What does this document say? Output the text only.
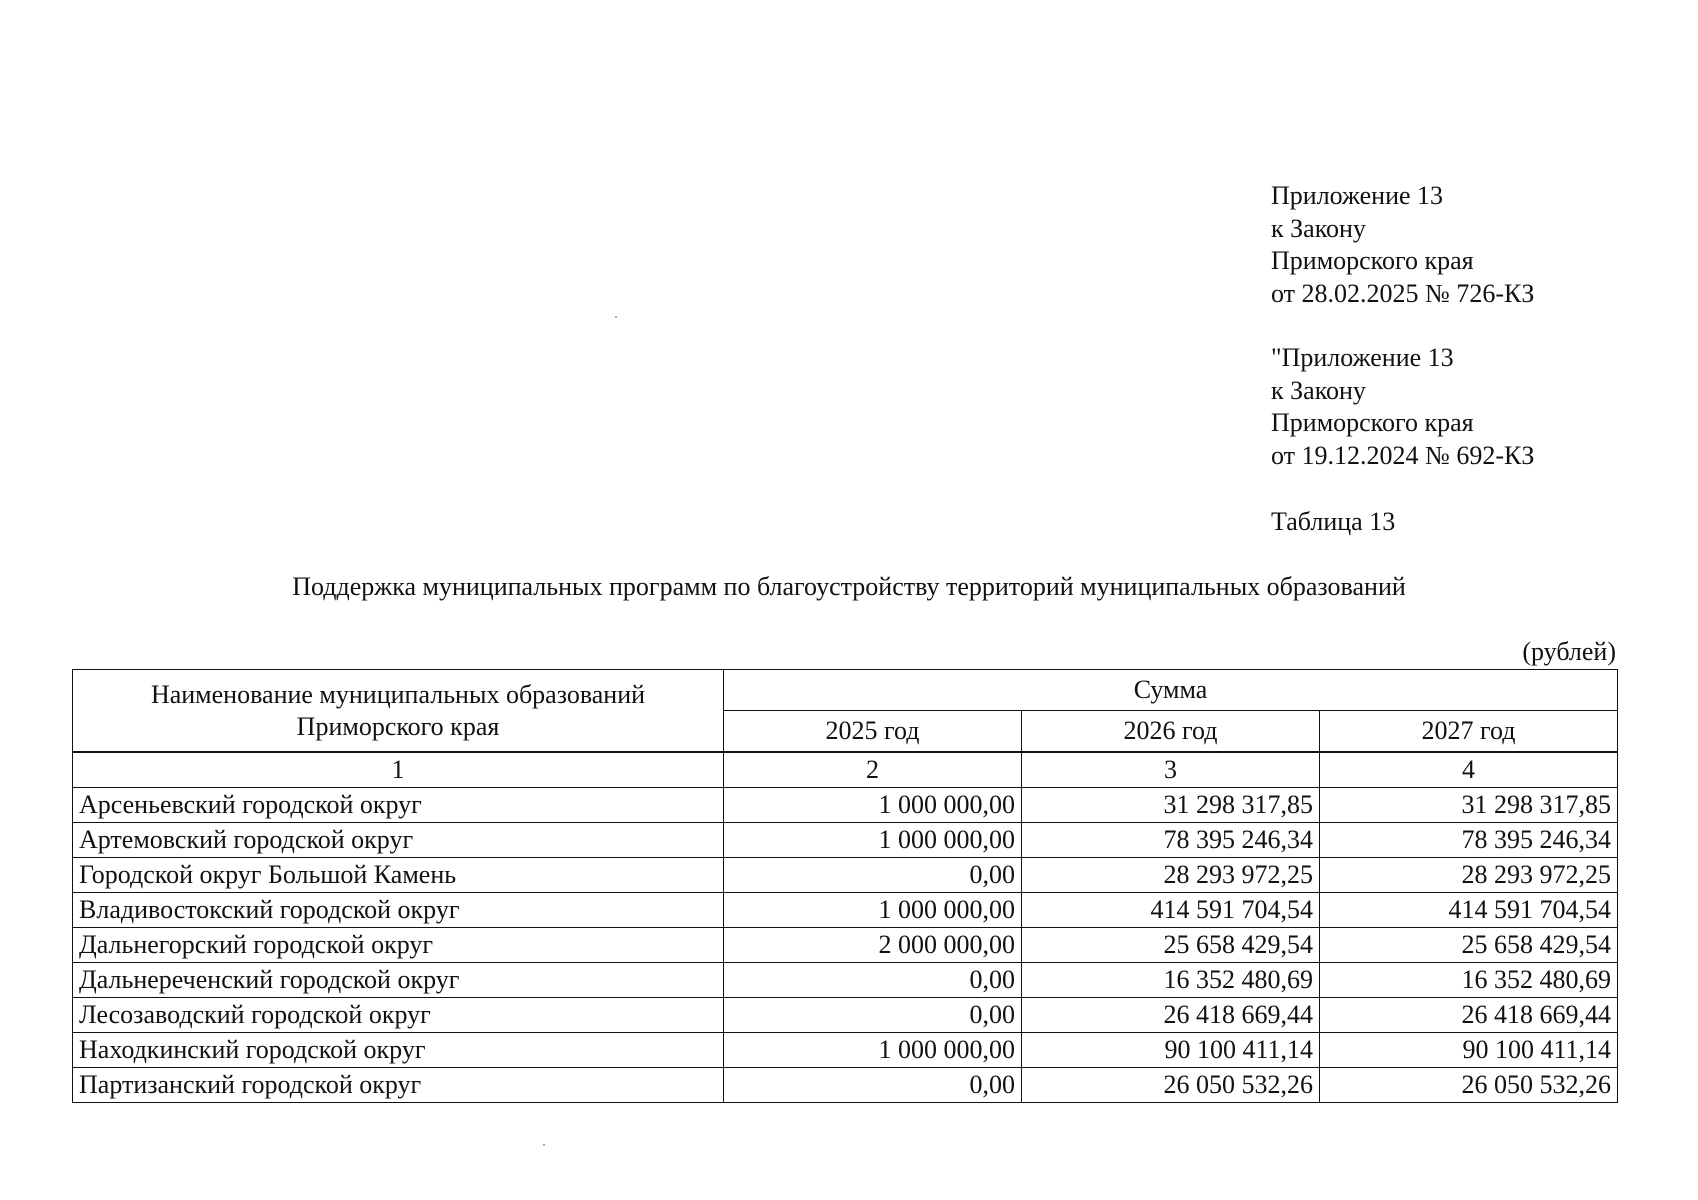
Приложение 13
к Закону
Приморского края
от 28.02.2025 № 726-КЗ
"Приложение 13
к Закону
Приморского края
от 19.12.2024 № 692-КЗ
Таблица 13
Поддержка муниципальных программ по благоустройству территорий муниципальных образований
(рублей)
Наименование муниципальных образований Приморского края	Сумма		
	2025 год	2026 год	2027 год

1	2	3	4
Арсеньевский городской округ	1 000 000,00	31 298 317,85	31 298 317,85
Артемовский городской округ	1 000 000,00	78 395 246,34	78 395 246,34
Городской округ Большой Камень	0,00	28 293 972,25	28 293 972,25
Владивостокский городской округ	1 000 000,00	414 591 704,54	414 591 704,54
Дальнегорский городской округ	2 000 000,00	25 658 429,54	25 658 429,54
Дальнереченский городской округ	0,00	16 352 480,69	16 352 480,69
Лесозаводский городской округ	0,00	26 418 669,44	26 418 669,44
Находкинский городской округ	1 000 000,00	90 100 411,14	90 100 411,14
Партизанский городской округ	0,00	26 050 532,26	26 050 532,26
